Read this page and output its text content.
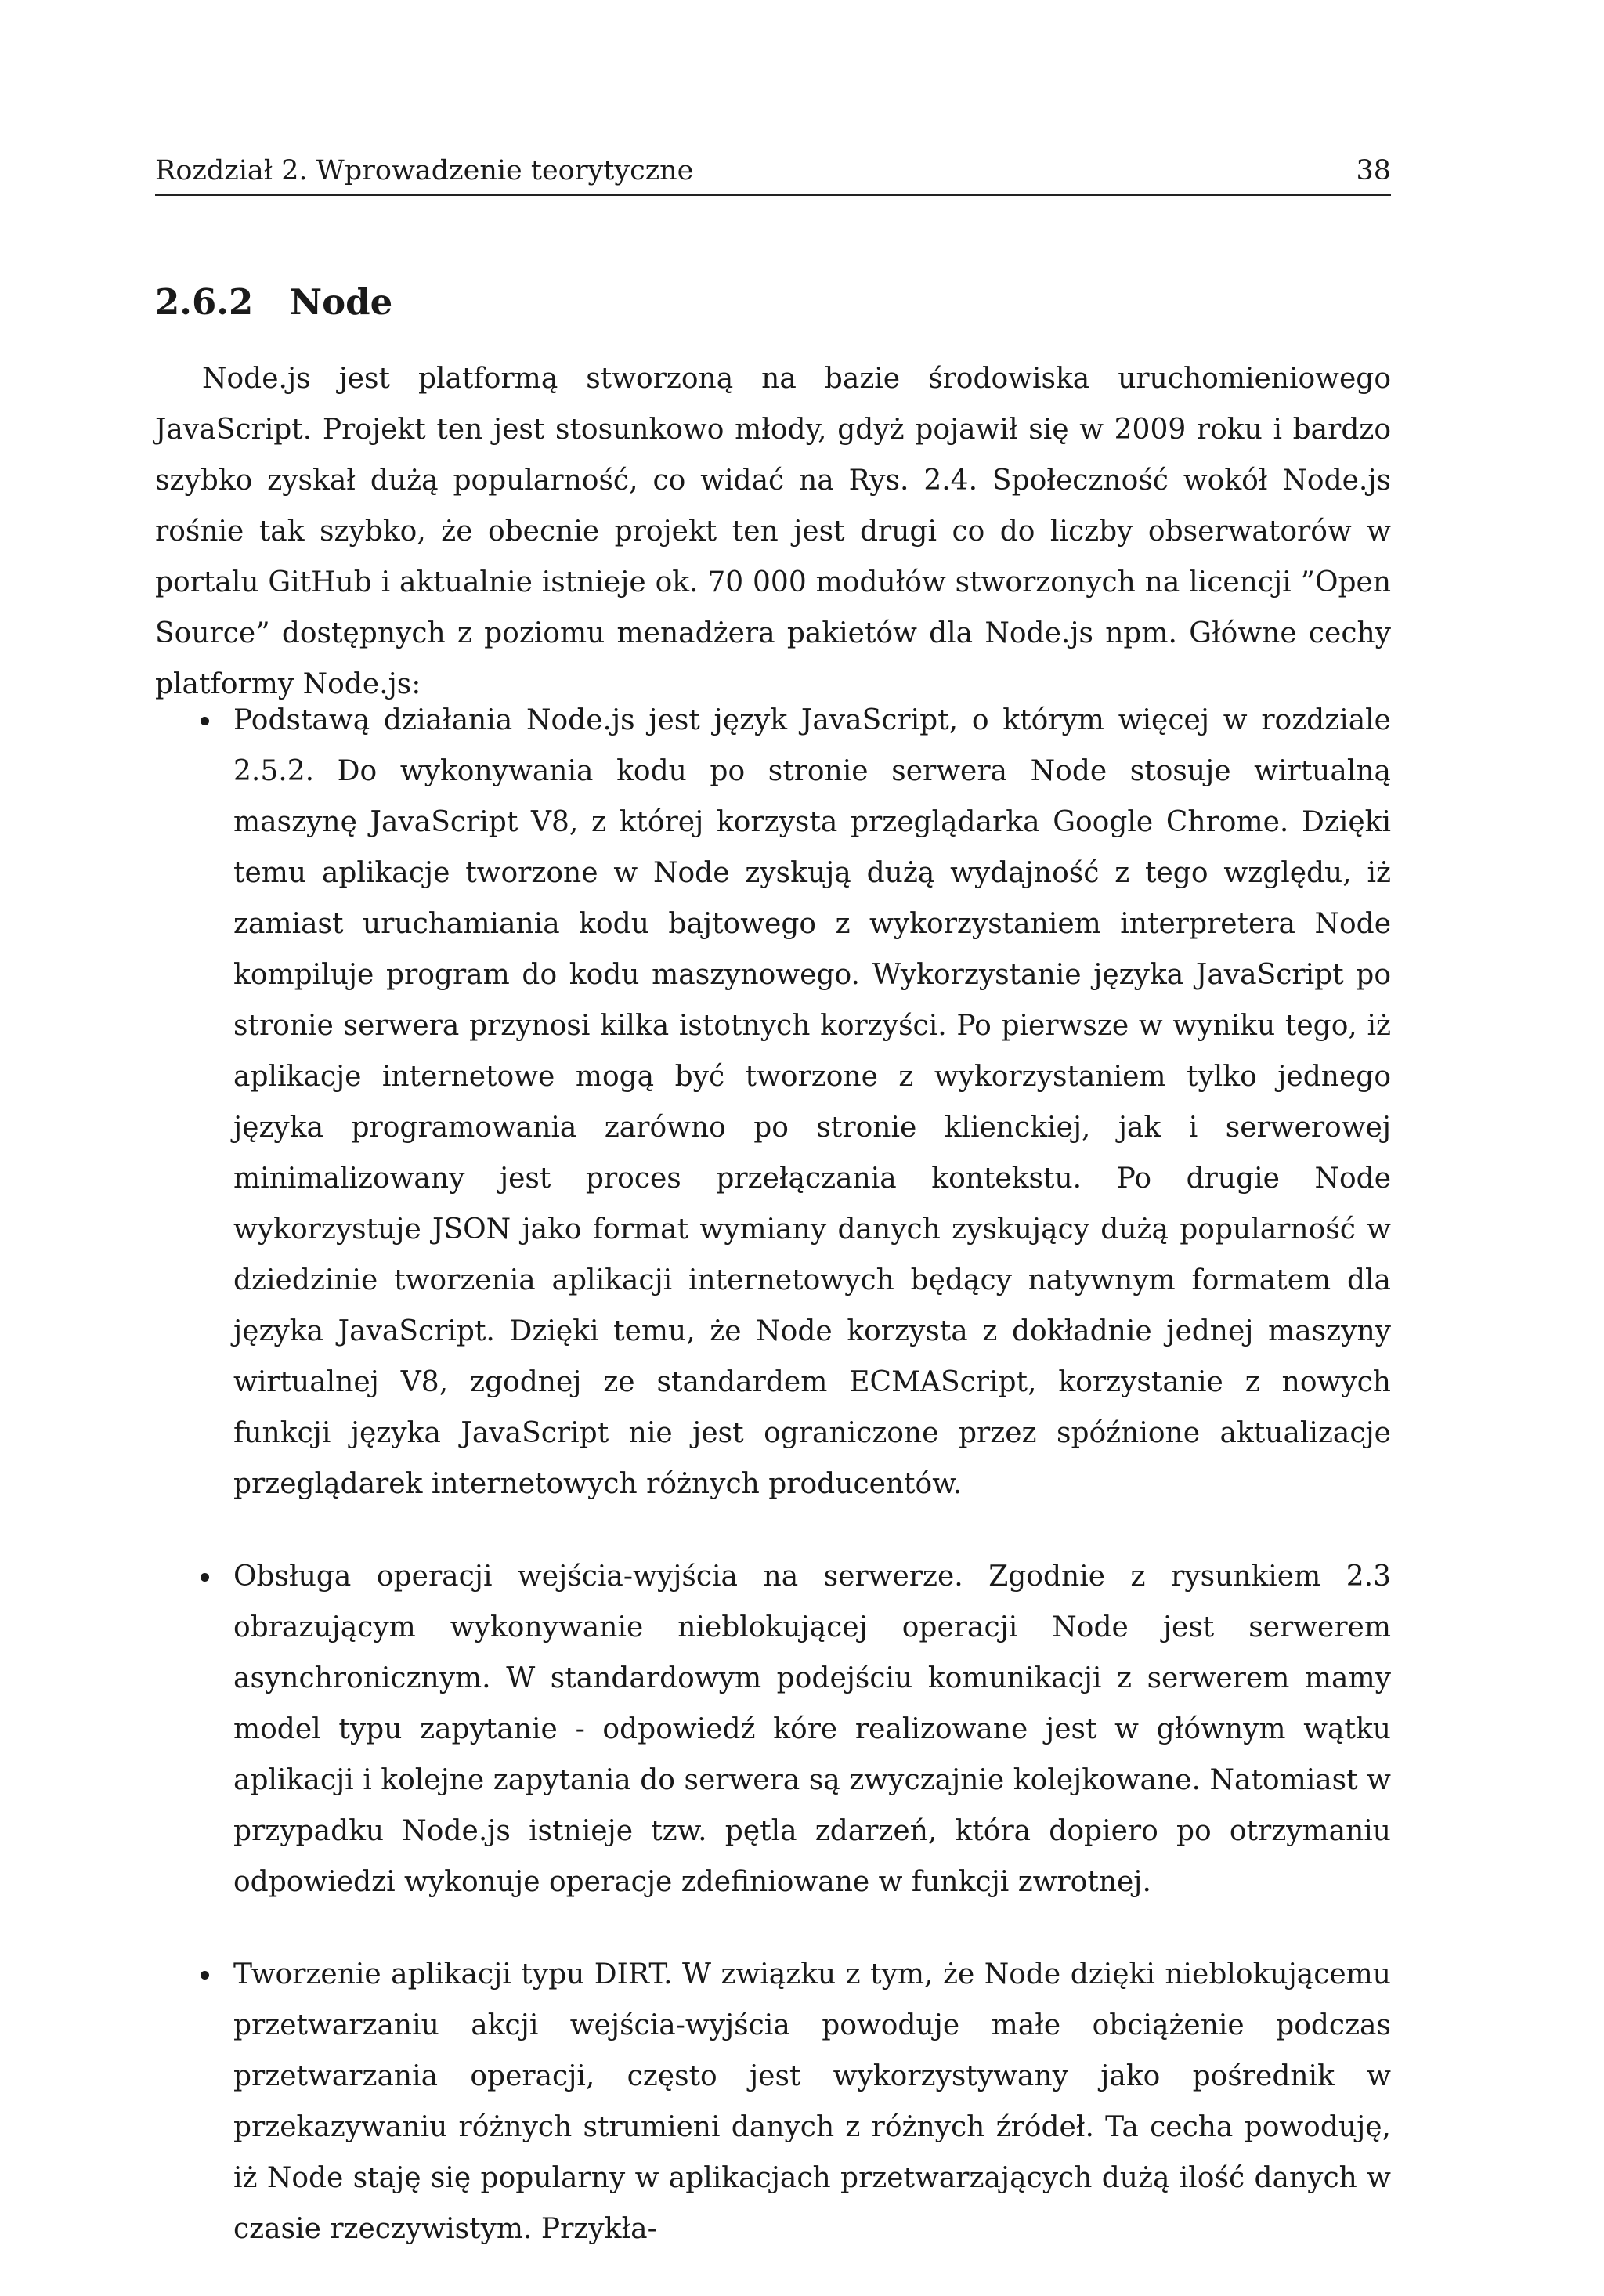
Rozdział 2. Wprowadzenie teorytyczne	38
2.6.2 Node

Node.js jest platformą stworzoną na bazie środowiska uruchomieniowego JavaScript. Projekt ten jest stosunkowo młody, gdyż pojawił się w 2009 roku i bardzo szybko zyskał dużą popularność, co widać na Rys. 2.4. Społeczność wokół Node.js rośnie tak szybko, że obecnie projekt ten jest drugi co do liczby obserwatorów w portalu GitHub i aktualnie istnieje ok. 70 000 modułów stworzonych na licencji ”Open Source” dostępnych z poziomu menadżera pakietów dla Node.js npm. Główne cechy platformy Node.js:

Podstawą działania Node.js jest język JavaScript, o którym więcej w rozdziale 2.5.2. Do wykonywania kodu po stronie serwera Node stosuje wirtualną maszynę JavaScript V8, z której korzysta przeglądarka Google Chrome. Dzięki temu aplikacje tworzone w Node zyskują dużą wydajność z tego względu, iż zamiast uruchamiania kodu bajtowego z wykorzystaniem interpretera Node kompiluje program do kodu maszynowego. Wykorzystanie języka JavaScript po stronie serwera przynosi kilka istotnych korzyści. Po pierwsze w wyniku tego, iż aplikacje internetowe mogą być tworzone z wykorzystaniem tylko jednego języka programowania zarówno po stronie klienckiej, jak i serwerowej minimalizowany jest proces przełączania kontekstu. Po drugie Node wykorzystuje JSON jako format wymiany danych zyskujący dużą popularność w dziedzinie tworzenia aplikacji internetowych będący natywnym formatem dla języka JavaScript. Dzięki temu, że Node korzysta z dokładnie jednej maszyny wirtualnej V8, zgodnej ze standardem ECMAScript, korzystanie z nowych funkcji języka JavaScript nie jest ograniczone przez spóźnione aktualizacje przeglądarek internetowych różnych producentów.
Obsługa operacji wejścia-wyjścia na serwerze. Zgodnie z rysunkiem 2.3 obrazującym wykonywanie nieblokującej operacji Node jest serwerem asynchronicznym. W standardowym podejściu komunikacji z serwerem mamy model typu zapytanie - odpowiedź kóre realizowane jest w głównym wątku aplikacji i kolejne zapytania do serwera są zwyczajnie kolejkowane. Natomiast w przypadku Node.js istnieje tzw. pętla zdarzeń, która dopiero po otrzymaniu odpowiedzi wykonuje operacje zdefiniowane w funkcji zwrotnej.
Tworzenie aplikacji typu DIRT. W związku z tym, że Node dzięki nieblokującemu przetwarzaniu akcji wejścia-wyjścia powoduje małe obciążenie podczas przetwarzania operacji, często jest wykorzystywany jako pośrednik w przekazywaniu różnych strumieni danych z różnych źródeł. Ta cecha powoduję, iż Node staję się popularny w aplikacjach przetwarzających dużą ilość danych w czasie rzeczywistym. Przykła-
